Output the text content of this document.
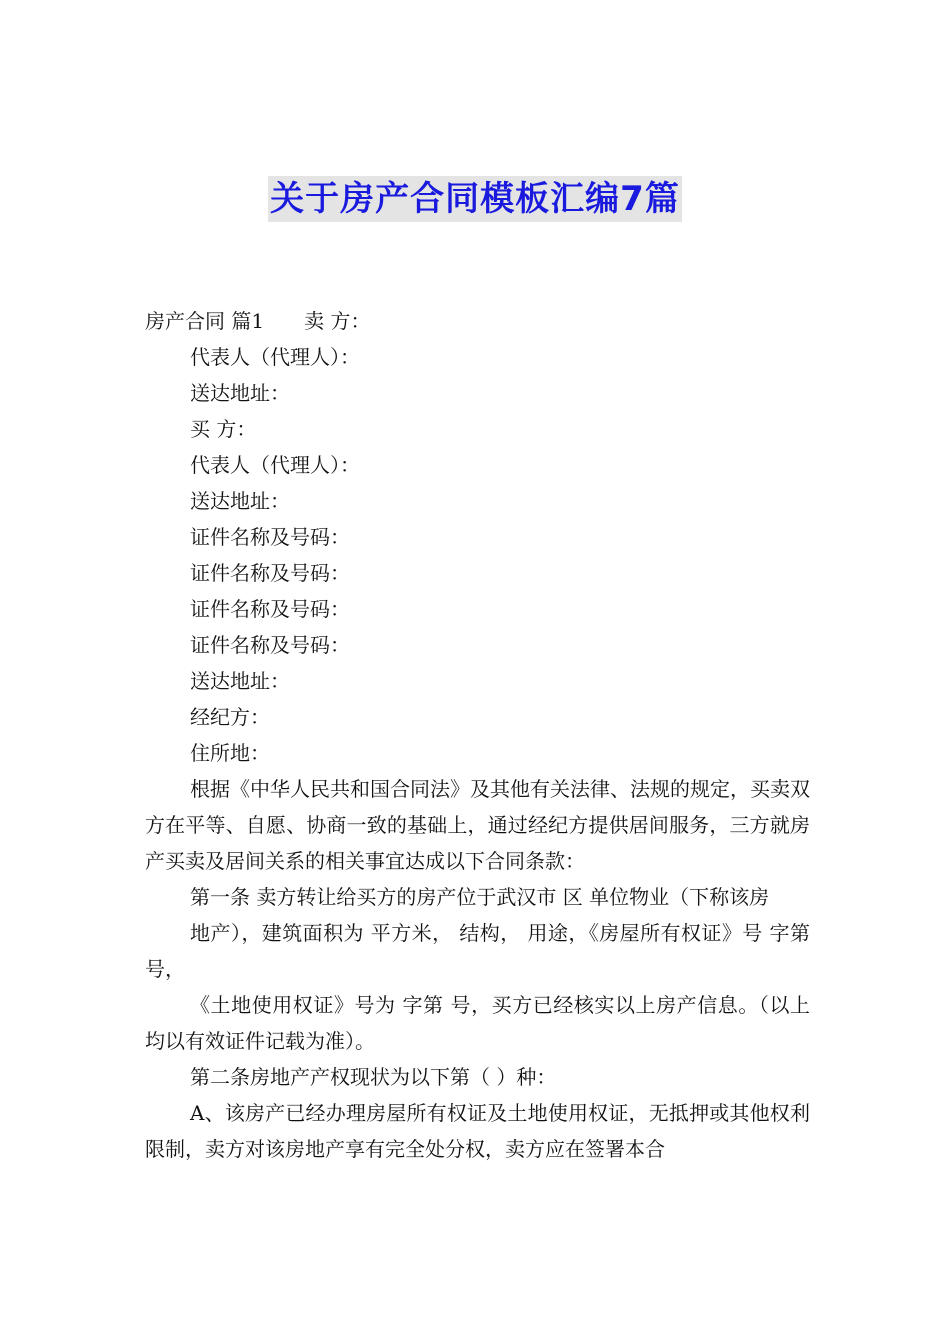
关于房产合同模板汇编7篇
房产合同 篇1 卖 方：
代表人（代理人）：
送达地址：
买 方：
代表人（代理人）：
送达地址：
证件名称及号码：
证件名称及号码：
证件名称及号码：
证件名称及号码：
送达地址：
经纪方：
住所地：
根据《中华人民共和国合同法》及其他有关法律、法规的规定，买卖双方在平等、自愿、协商一致的基础上，通过经纪方提供居间服务，三方就房产买卖及居间关系的相关事宜达成以下合同条款：
第一条 卖方转让给买方的房产位于武汉市 区 单位物业（下称该房
地产），建筑面积为 平方米， 结构， 用途，《房屋所有权证》号 字第 号，
《土地使用权证》号为 字第 号，买方已经核实以上房产信息。（以上均以有效证件记载为准）。
第二条房地产产权现状为以下第（ ）种：
A、该房产已经办理房屋所有权证及土地使用权证，无抵押或其他权利限制，卖方对该房地产享有完全处分权，卖方应在签署本合
